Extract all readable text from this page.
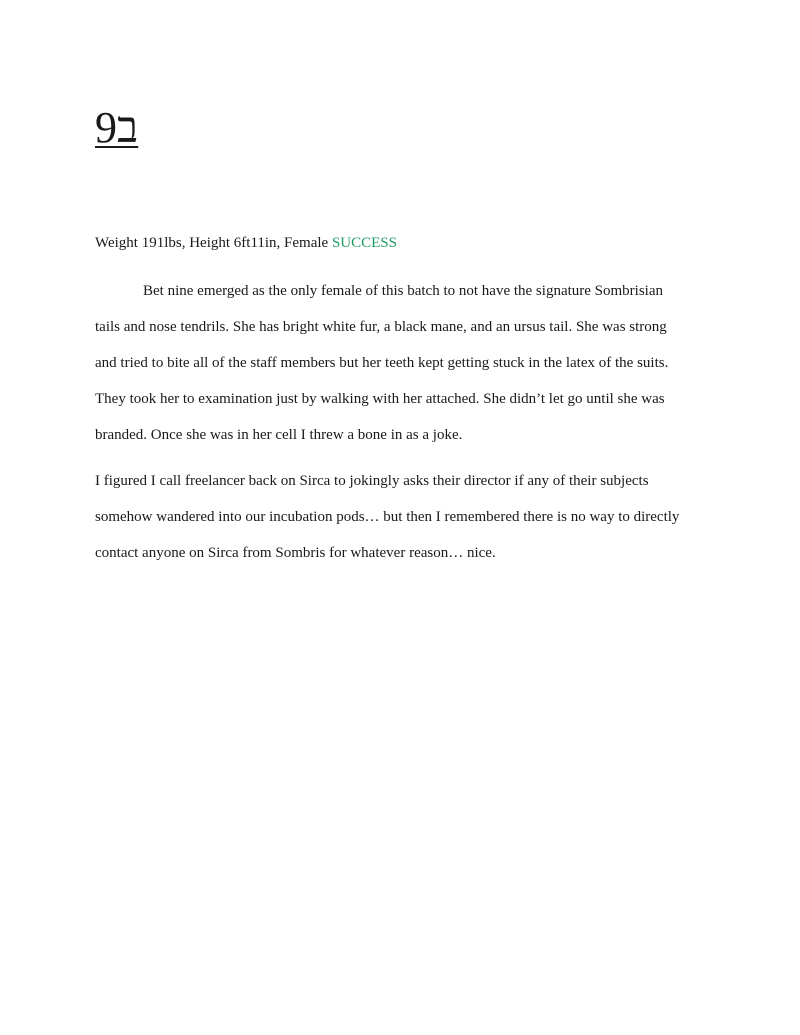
ב9

Weight 191lbs, Height 6ft11in, Female SUCCESS

Bet nine emerged as the only female of this batch to not have the signature Sombrisian

tails and nose tendrils. She has bright white fur, a black mane, and an ursus tail. She was strong

and tried to bite all of the staff members but her teeth kept getting stuck in the latex of the suits.

They took her to examination just by walking with her attached. She didn’t let go until she was

branded. Once she was in her cell I threw a bone in as a joke.

I figured I call freelancer back on Sirca to jokingly asks their director if any of their subjects

somehow wandered into our incubation pods… but then I remembered there is no way to directly

contact anyone on Sirca from Sombris for whatever reason… nice.
